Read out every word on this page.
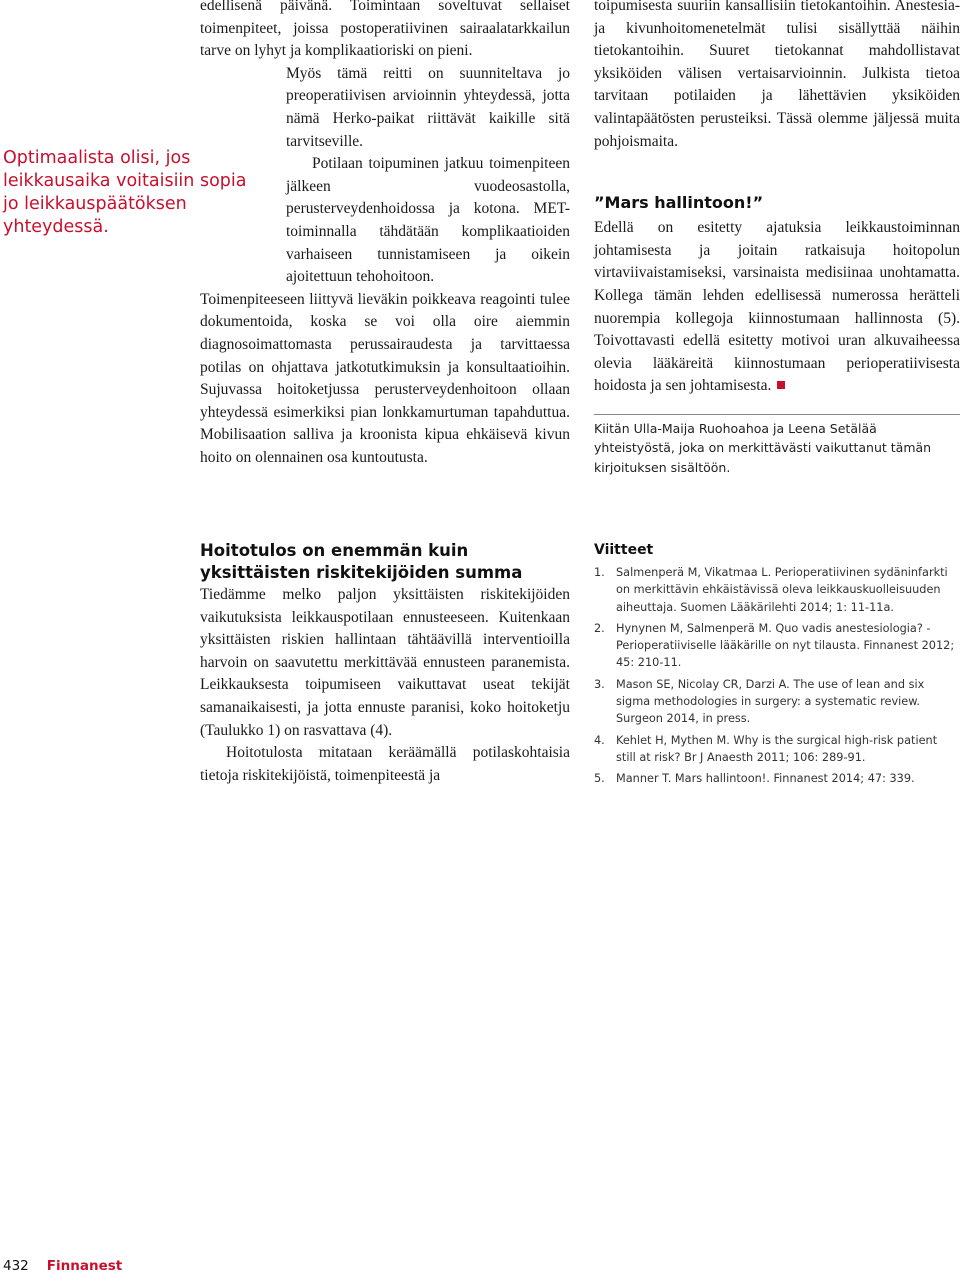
Optimaalista olisi, jos leikkausaika voitaisiin sopia jo leikkauspäätöksen yhteydessä.

edellisenä päivänä. Toimintaan soveltuvat sellaiset toimenpiteet, joissa postoperatiivinen sairaalatarkkailun tarve on lyhyt ja komplikaatioriski on pieni.

Myös tämä reitti on suunniteltava jo preoperatiivisen arvioinnin yhteydessä, jotta nämä Herko-paikat riittävät kaikille sitä tarvitseville.

Potilaan toipuminen jatkuu toimenpiteen jälkeen vuodeosastolla, perusterveydenhoidossa ja kotona. MET-toiminnalla tähdätään komplikaatioiden varhaiseen tunnistamiseen ja oikein ajoitettuun tehohoitoon.

Toimenpiteeseen liittyvä lieväkin poikkeava reagointi tulee dokumentoida, koska se voi olla oire aiemmin diagnosoimattomasta perussairaudesta ja tarvittaessa potilas on ohjattava jatkotutkimuksin ja konsultaatioihin. Sujuvassa hoitoketjussa perusterveydenhoitoon ollaan yhteydessä esimerkiksi pian lonkkamurtuman tapahduttua. Mobilisaation salliva ja kroonista kipua ehkäisevä kivun hoito on olennainen osa kuntoutusta.

Hoitotulos on enemmän kuin yksittäisten riskitekijöiden summa

Tiedämme melko paljon yksittäisten riskitekijöiden vaikutuksista leikkauspotilaan ennusteeseen. Kuitenkaan yksittäisten riskien hallintaan tähtäävillä interventioilla harvoin on saavutettu merkittävää ennusteen paranemista. Leikkauksesta toipumiseen vaikuttavat useat tekijät samanaikaisesti, ja jotta ennuste paranisi, koko hoitoketju (Taulukko 1) on rasvattava (4).

Hoitotulosta mitataan keräämällä potilaskohtaisia tietoja riskitekijöistä, toimenpiteestä ja

toipumisesta suuriin kansallisiin tietokantoihin. Anestesia- ja kivunhoitomenetelmät tulisi sisällyttää näihin tietokantoihin. Suuret tietokannat mahdollistavat yksiköiden välisen vertaisarvioinnin. Julkista tietoa tarvitaan potilaiden ja lähettävien yksiköiden valintapäätösten perusteiksi. Tässä olemme jäljessä muita pohjoismaita.

”Mars hallintoon!”

Edellä on esitetty ajatuksia leikkaustoiminnan johtamisesta ja joitain ratkaisuja hoitopolun virtaviivaistamiseksi, varsinaista medisiinaa unohtamatta. Kollega tämän lehden edellisessä numerossa herätteli nuorempia kollegoja kiinnostumaan hallinnosta (5). Toivottavasti edellä esitetty motivoi uran alkuvaiheessa olevia lääkäreitä kiinnostumaan perioperatiivisesta hoidosta ja sen johtamisesta.

Kiitän Ulla-Maija Ruohoahoa ja Leena Setälää yhteistyöstä, joka on merkittävästi vaikuttanut tämän kirjoituksen sisältöön.

Viitteet
1. Salmenperä M, Vikatmaa L. Perioperatiivinen sydäninfarkti on merkittävin ehkäistävissä oleva leikkauskuolleisuuden aiheuttaja. Suomen Lääkärilehti 2014; 1: 11-11a.
2. Hynynen M, Salmenperä M. Quo vadis anestesiologia? - Perioperatiiviselle lääkärille on nyt tilausta. Finnanest 2012; 45: 210-11.
3. Mason SE, Nicolay CR, Darzi A. The use of lean and six sigma methodologies in surgery: a systematic review. Surgeon 2014, in press.
4. Kehlet H, Mythen M. Why is the surgical high-risk patient still at risk? Br J Anaesth 2011; 106: 289-91.
5. Manner T. Mars hallintoon!. Finnanest 2014; 47: 339.
432 Finnanest
